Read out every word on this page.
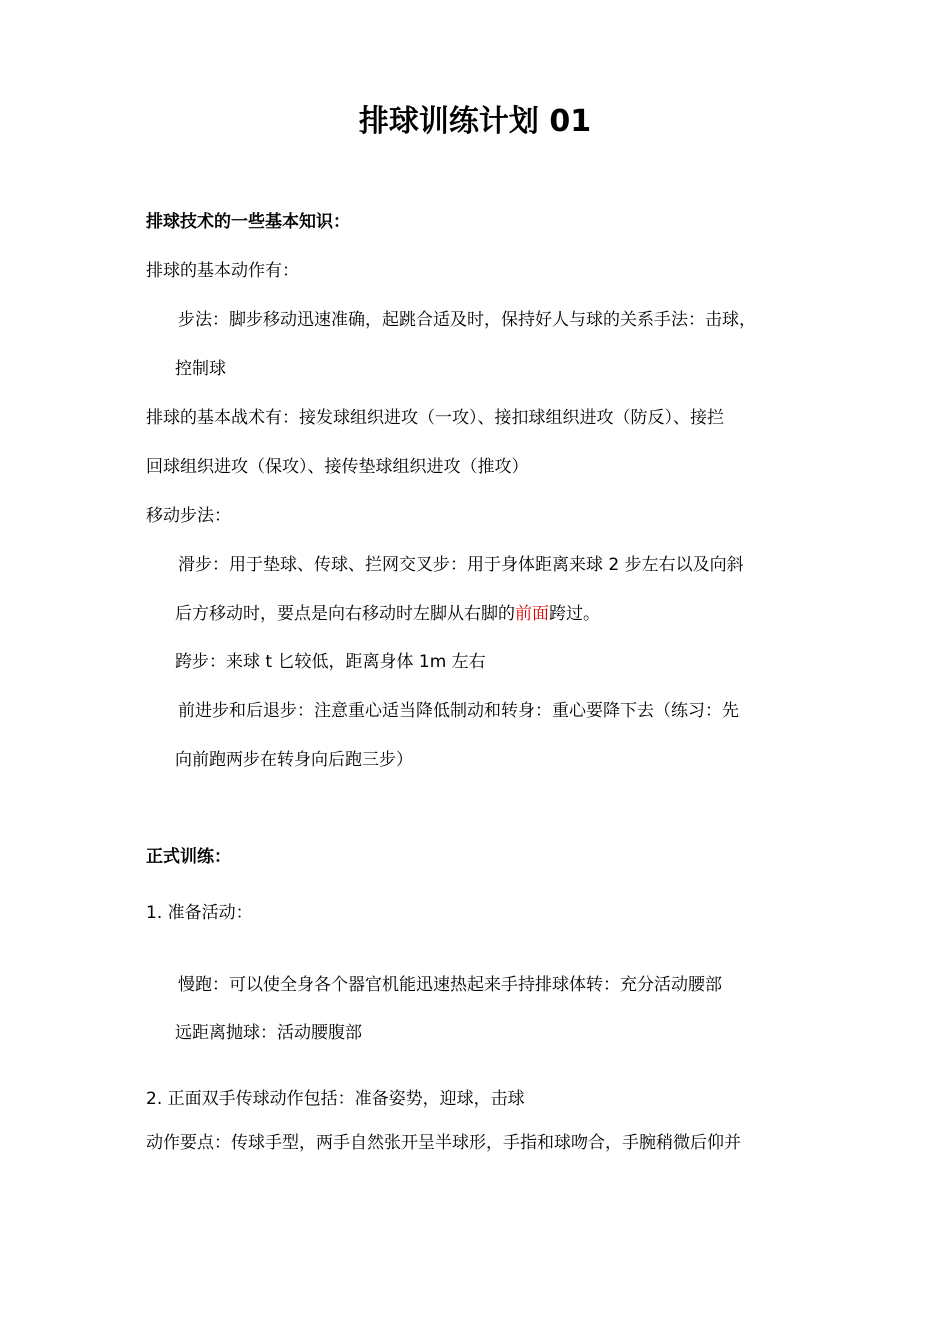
排球训练计划 01
排球技术的一些基本知识：
排球的基本动作有：
步法：脚步移动迅速准确，起跳合适及时，保持好人与球的关系手法：击球，
控制球
排球的基本战术有：接发球组织进攻（一攻）、接扣球组织进攻（防反）、接拦
回球组织进攻（保攻）、接传垫球组织进攻（推攻）
移动步法：
滑步：用于垫球、传球、拦网交叉步：用于身体距离来球 2 步左右以及向斜
后方移动时，要点是向右移动时左脚从右脚的前面跨过。
跨步：来球 t 匕较低，距离身体 1m 左右
前进步和后退步：注意重心适当降低制动和转身：重心要降下去（练习：先
向前跑两步在转身向后跑三步）
正式训练：
1. 准备活动：
慢跑：可以使全身各个器官机能迅速热起来手持排球体转：充分活动腰部
远距离抛球：活动腰腹部
2. 正面双手传球动作包括：准备姿势，迎球，击球
动作要点：传球手型，两手自然张开呈半球形，手指和球吻合，手腕稍微后仰并
